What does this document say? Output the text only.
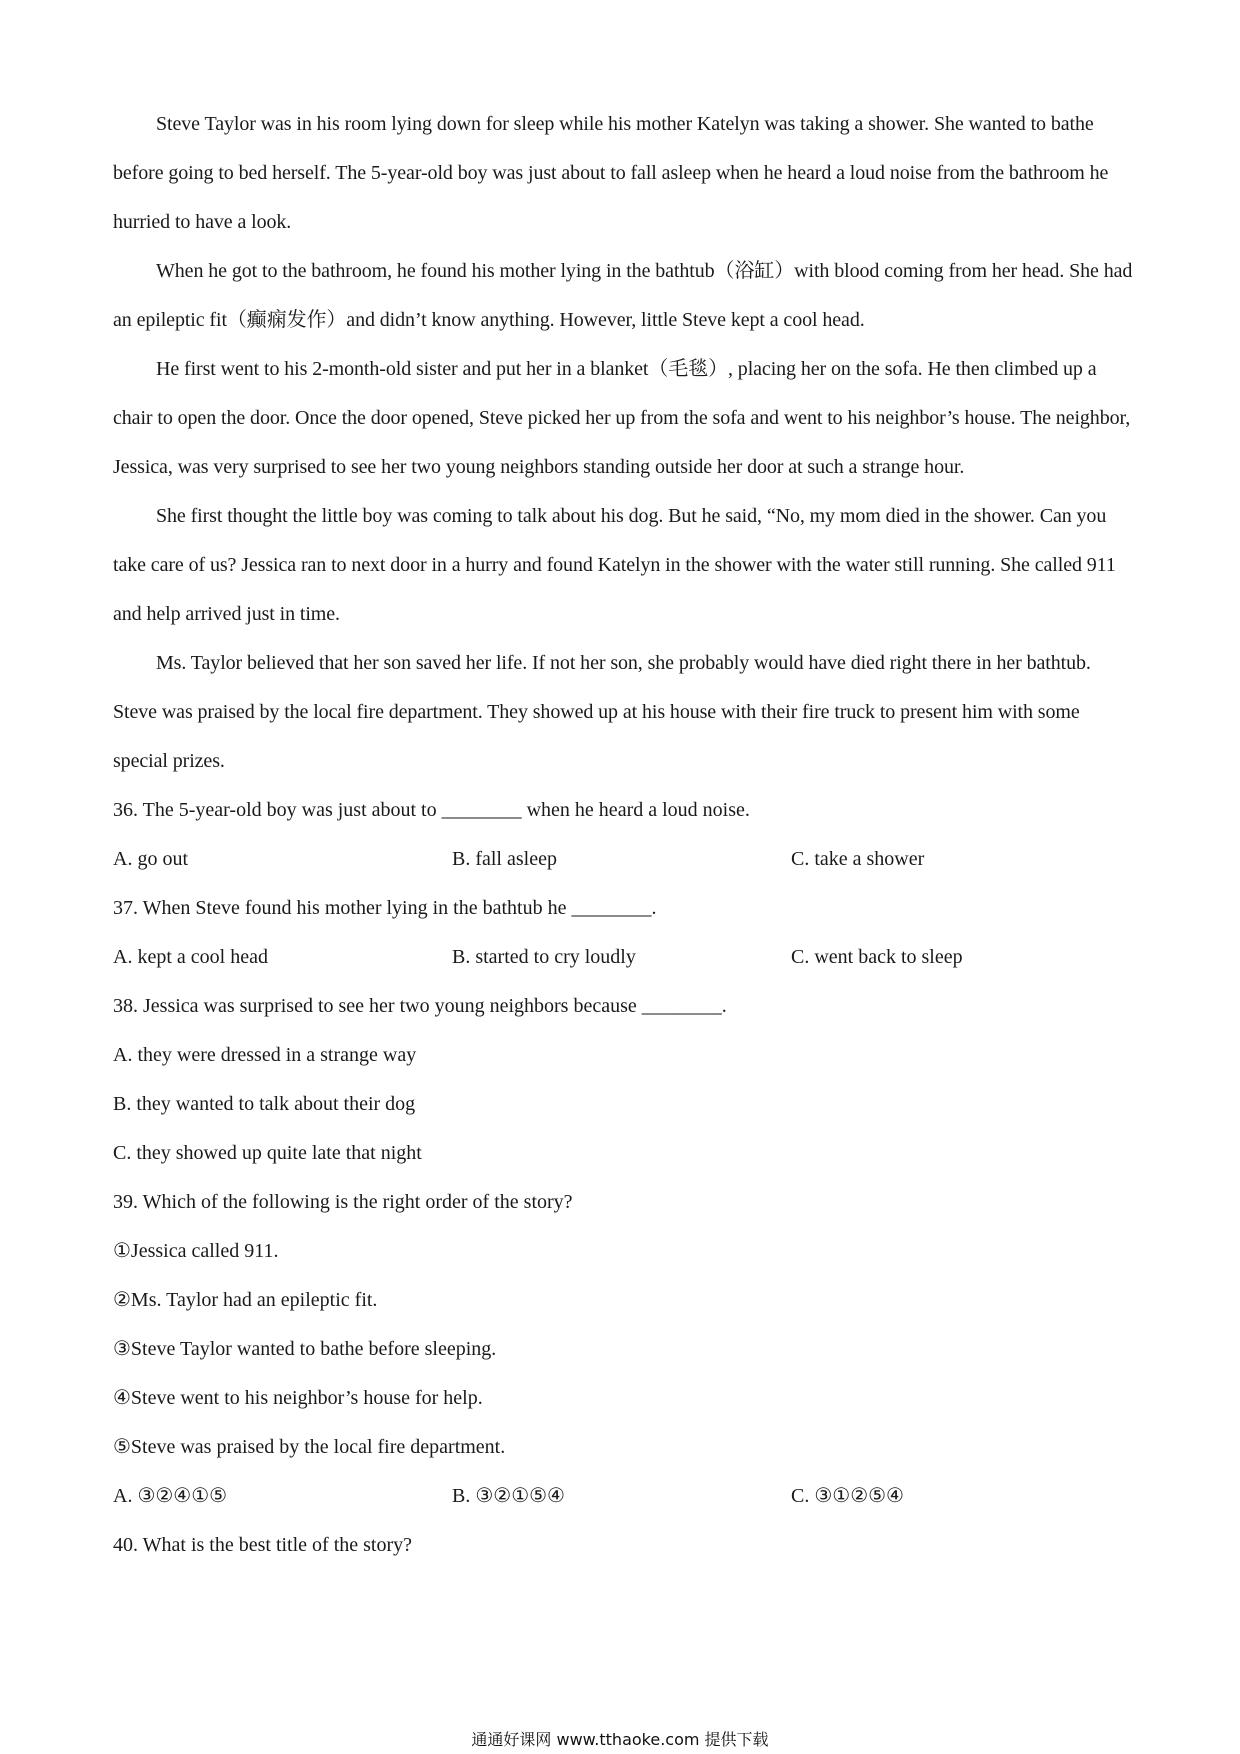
Steve Taylor was in his room lying down for sleep while his mother Katelyn was taking a shower. She wanted to bathe before going to bed herself. The 5-year-old boy was just about to fall asleep when he heard a loud noise from the bathroom he hurried to have a look.

When he got to the bathroom, he found his mother lying in the bathtub（浴缸）with blood coming from her head. She had an epileptic fit（癫痫发作）and didn’t know anything. However, little Steve kept a cool head.

He first went to his 2-month-old sister and put her in a blanket（毛毯）, placing her on the sofa. He then climbed up a chair to open the door. Once the door opened, Steve picked her up from the sofa and went to his neighbor’s house. The neighbor, Jessica, was very surprised to see her two young neighbors standing outside her door at such a strange hour.

She first thought the little boy was coming to talk about his dog. But he said, “No, my mom died in the shower. Can you take care of us? Jessica ran to next door in a hurry and found Katelyn in the shower with the water still running. She called 911 and help arrived just in time.

Ms. Taylor believed that her son saved her life. If not her son, she probably would have died right there in her bathtub. Steve was praised by the local fire department. They showed up at his house with their fire truck to present him with some special prizes.

36. The 5-year-old boy was just about to ________ when he heard a loud noise.

A. go out	B. fall asleep	C. take a shower

37. When Steve found his mother lying in the bathtub he ________.

A. kept a cool head	B. started to cry loudly	C. went back to sleep

38. Jessica was surprised to see her two young neighbors because ________.

A. they were dressed in a strange way

B. they wanted to talk about their dog

C. they showed up quite late that night

39. Which of the following is the right order of the story?

①Jessica called 911.

②Ms. Taylor had an epileptic fit.

③Steve Taylor wanted to bathe before sleeping.

④Steve went to his neighbor’s house for help.

⑤Steve was praised by the local fire department.

A. ③②④①⑤	B. ③②①⑤④	C. ③①②⑤④

40. What is the best title of the story?

通通好课网 www.tthaoke.com 提供下载
